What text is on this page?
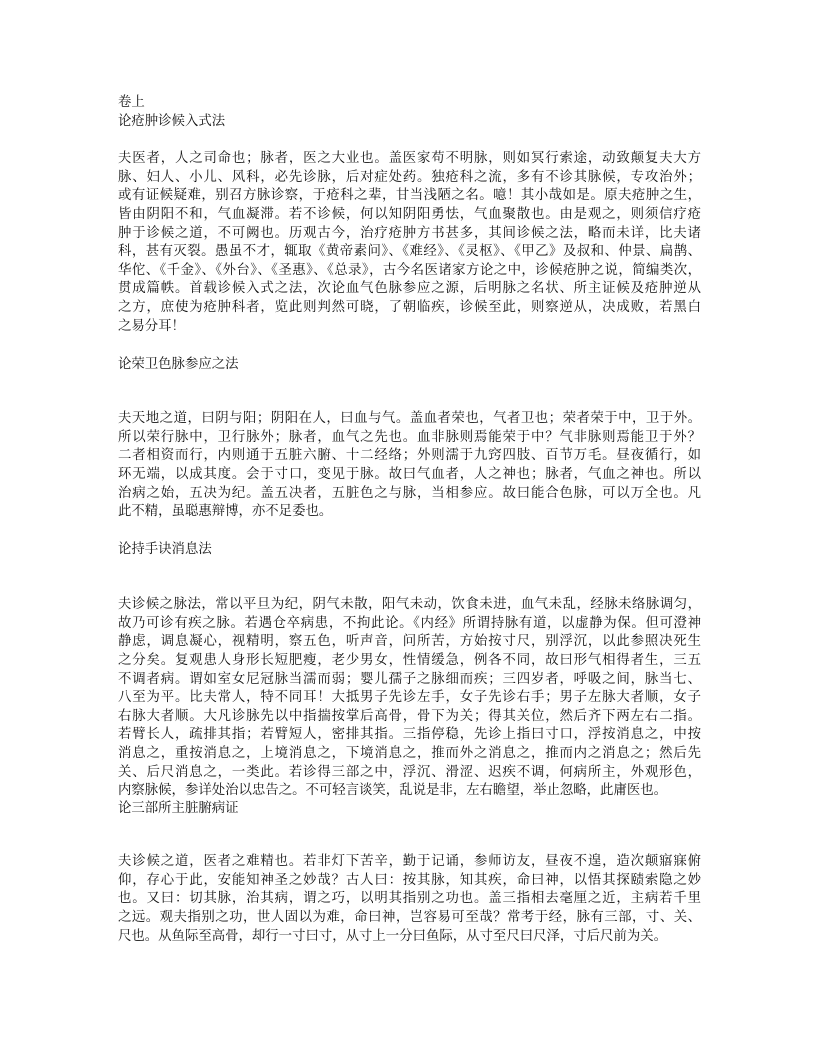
卷上
论疮肿诊候入式法
夫医者，人之司命也；脉者，医之大业也。盖医家苟不明脉，则如冥行索途，动致颠复夫大方
脉、妇人、小儿、风科，必先诊脉，后对症处药。独疮科之流，多有不诊其脉候，专攻治外；
或有证候疑难，别召方脉诊察，于疮科之辈，甘当浅陋之名。噫！其小哉如是。原夫疮肿之生，
皆由阴阳不和，气血凝滞。若不诊候，何以知阴阳勇怯，气血聚散也。由是观之，则须信疗疮
肿于诊候之道，不可阙也。历观古今，治疗疮肿方书甚多，其间诊候之法，略而未详，比夫诸
科，甚有灭裂。愚虽不才，辄取《黄帝素问》、《难经》、《灵枢》、《甲乙》及叔和、仲景、扁鹊、
华佗、《千金》、《外台》、《圣惠》、《总录》，古今名医诸家方论之中，诊候疮肿之说，简编类次，
贯成篇帙。首载诊候入式之法，次论血气色脉参应之源，后明脉之名状、所主证候及疮肿逆从
之方，庶使为疮肿科者，览此则判然可晓，了朝临疾，诊候至此，则察逆从，决成败，若黑白
之易分耳！
论荣卫色脉参应之法
夫天地之道，曰阴与阳；阴阳在人，曰血与气。盖血者荣也，气者卫也；荣者荣于中，卫于外。
所以荣行脉中，卫行脉外；脉者，血气之先也。血非脉则焉能荣于中？气非脉则焉能卫于外？
二者相资而行，内则通于五脏六腑、十二经络；外则濡于九窍四肢、百节万毛。昼夜循行，如
环无端，以成其度。会于寸口，变见于脉。故曰气血者，人之神也；脉者，气血之神也。所以
治病之始，五决为纪。盖五决者，五脏色之与脉，当相参应。故曰能合色脉，可以万全也。凡
此不精，虽聪惠辩博，亦不足委也。
论持手诀消息法
夫诊候之脉法，常以平旦为纪，阴气未散，阳气未动，饮食未进，血气未乱，经脉未络脉调匀，
故乃可诊有疾之脉。若遇仓卒病患，不拘此论。《内经》所谓持脉有道，以虚静为保。但可澄神
静虑，调息凝心，视精明，察五色，听声音，问所苦，方始按寸尺，别浮沉，以此参照决死生
之分矣。复观患人身形长短肥瘦，老少男女，性情缓急，例各不同，故曰形气相得者生，三五
不调者病。谓如室女尼冠脉当濡而弱；婴儿孺子之脉细而疾；三四岁者，呼吸之间，脉当七、
八至为平。比夫常人，特不同耳！大抵男子先诊左手，女子先诊右手；男子左脉大者顺，女子
右脉大者顺。大凡诊脉先以中指揣按掌后高骨，骨下为关；得其关位，然后齐下两左右二指。
若臂长人，疏排其指；若臂短人，密排其指。三指停稳，先诊上指曰寸口，浮按消息之，中按
消息之，重按消息之，上境消息之，下境消息之，推而外之消息之，推而内之消息之；然后先
关、后尺消息之，一类此。若诊得三部之中，浮沉、滑涩、迟疾不调，何病所主，外观形色，
内察脉候，参详处治以忠告之。不可轻言谈笑，乱说是非，左右瞻望，举止忽略，此庸医也。
论三部所主脏腑病证
夫诊候之道，医者之难精也。若非灯下苦辛，勤于记诵，参师访友，昼夜不遑，造次颠寤寐俯
仰，存心于此，安能知神圣之妙哉？古人曰：按其脉，知其疾，命曰神，以悟其探赜索隐之妙
也。又曰：切其脉，治其病，谓之巧，以明其指别之功也。盖三指相去毫厘之近，主病若千里
之远。观夫指别之功，世人固以为难，命曰神，岂容易可至哉？常考于经，脉有三部，寸、关、
尺也。从鱼际至高骨，却行一寸曰寸，从寸上一分曰鱼际，从寸至尺曰尺泽，寸后尺前为关。
